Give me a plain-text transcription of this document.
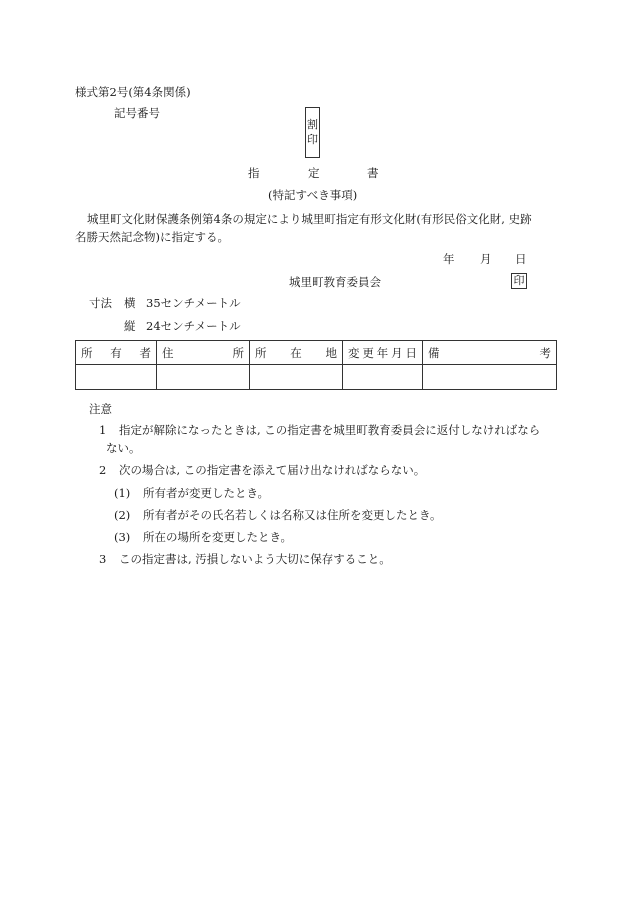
様式第2号(第4条関係)
記号番号
割
印
指	定	書
(特記すべき事項)
城里町文化財保護条例第4条の規定により城里町指定有形文化財(有形民俗文化財, 史跡
名勝天然記念物)に指定する。
年 月 日
城里町教育委員会	印
寸法 横 35センチメートル
縦 24センチメートル
所 有 者	住 所	所 在 地	変 更 年 月 日	備 考

注意
1 指定が解除になったときは, この指定書を城里町教育委員会に返付しなければなら
ない。
2 次の場合は, この指定書を添えて届け出なければならない。
(1) 所有者が変更したとき。
(2) 所有者がその氏名若しくは名称又は住所を変更したとき。
(3) 所在の場所を変更したとき。
3 この指定書は, 汚損しないよう大切に保存すること。
